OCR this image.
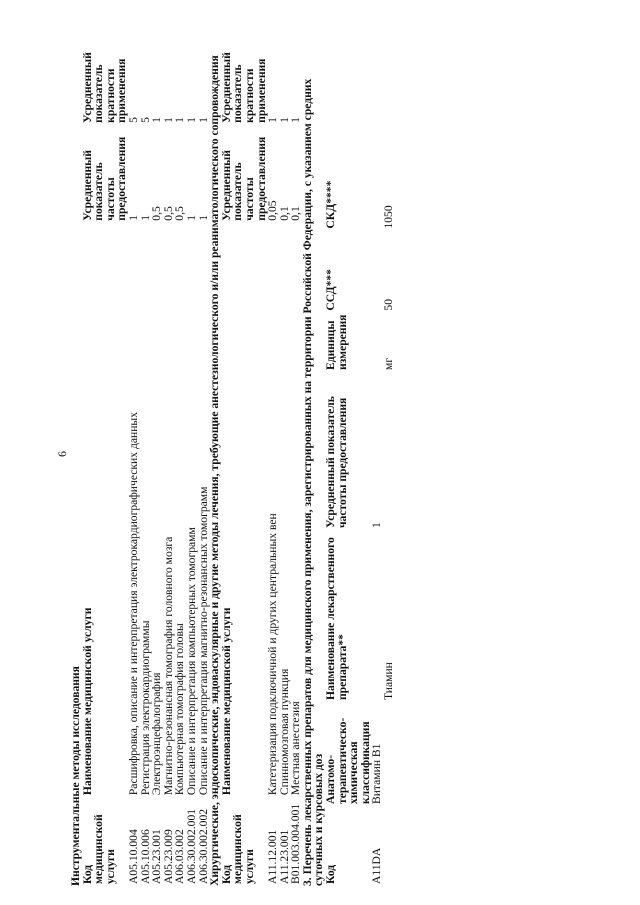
6
Инструментальные методы исследования
Код медицинской услуги	Наименование медицинской услуги	Усредненный показатель частоты предоставления	Усредненный показатель кратности применения
A05.10.004	Расшифровка, описание и интерпретация электрокардиографических данных	1	5
A05.10.006	Регистрация электрокардиограммы	1	5
A05.23.001	Электроэнцефалография	0,5	1
A05.23.009	Магнитно-резонансная томография головного мозга	0,5	1
A06.03.002	Компьютерная томография головы	0,5	1
A06.30.002.001	Описание и интерпретация компьютерных томограмм	1	1
A06.30.002.002	Описание и интерпретация магнитно-резонансных томограмм	1	1
Хирургические, эндоскопические, эндоваскулярные и другие методы лечения, требующие анестезиологического и/или реаниматологического сопровождения
Код медицинской услуги	Наименование медицинской услуги	Усредненный показатель частоты предоставления	Усредненный показатель кратности применения
A11.12.001	Катетеризация подключичной и других центральных вен	0,05	1
A11.23.001	Спинномозговая пункция	0,1	1
B01.003.004.001	Местная анестезия	0,1	1
3. Перечень лекарственных препаратов для медицинского применения, зарегистрированных на территории Российской Федерации, с указанием средних суточных и курсовых доз
Код	Анатомо-терапевтическо-химическая классификация	Наименование лекарственного препарата**	Усредненный показатель частоты предоставления	Единицы измерения	ССД***	СКД****
A11DA	Витамин B1		1			
		Тиамин		мг	50	1050
